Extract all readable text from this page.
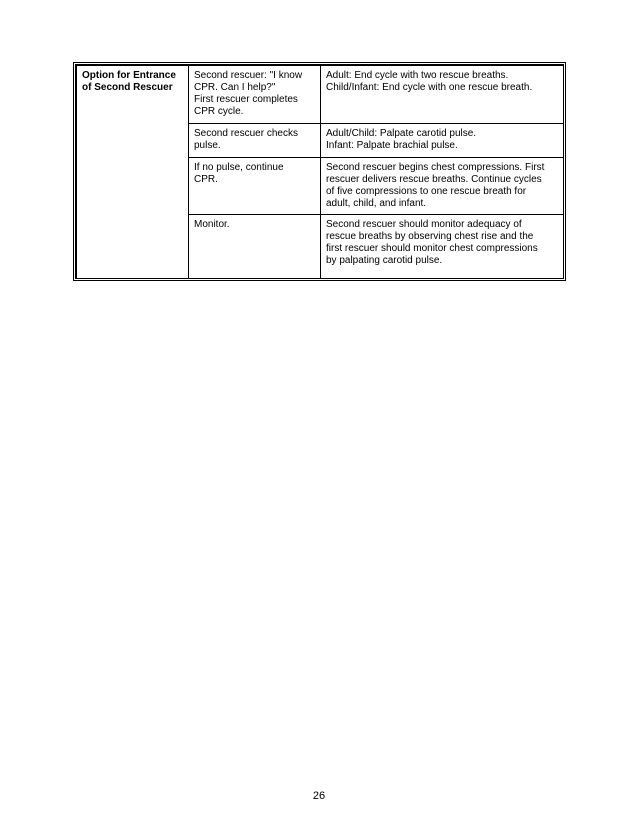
Option for Entrance
of Second Rescuer	Second rescuer: "I know
CPR. Can I help?"
First rescuer completes
CPR cycle.	Adult: End cycle with two rescue breaths.
Child/Infant: End cycle with one rescue breath.

	Second rescuer checks
pulse.	Adult/Child: Palpate carotid pulse.
Infant: Palpate brachial pulse.

	If no pulse, continue
CPR.	Second rescuer begins chest compressions. First
rescuer delivers rescue breaths. Continue cycles
of five compressions to one rescue breath for
adult, child, and infant.

	Monitor.	Second rescuer should monitor adequacy of
rescue breaths by observing chest rise and the
first rescuer should monitor chest compressions
by palpating carotid pulse.
26
